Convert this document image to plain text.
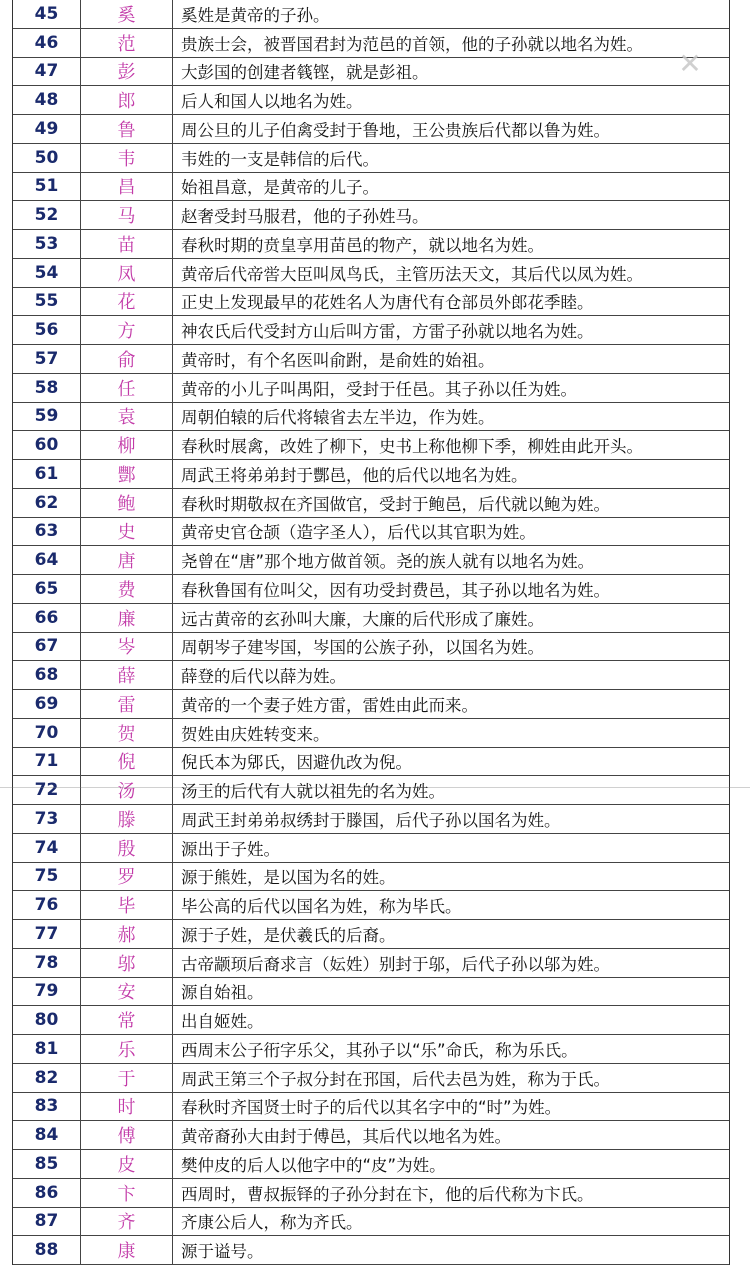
45	奚	奚姓是黄帝的子孙。
46	范	贵族士会，被晋国君封为范邑的首领，他的子孙就以地名为姓。
47	彭	大彭国的创建者篯铿，就是彭祖。
48	郎	后人和国人以地名为姓。
49	鲁	周公旦的儿子伯禽受封于鲁地，王公贵族后代都以鲁为姓。
50	韦	韦姓的一支是韩信的后代。
51	昌	始祖昌意，是黄帝的儿子。
52	马	赵奢受封马服君，他的子孙姓马。
53	苗	春秋时期的贲皇享用苗邑的物产，就以地名为姓。
54	凤	黄帝后代帝喾大臣叫凤鸟氏，主管历法天文，其后代以凤为姓。
55	花	正史上发现最早的花姓名人为唐代有仓部员外郎花季睦。
56	方	神农氏后代受封方山后叫方雷，方雷子孙就以地名为姓。
57	俞	黄帝时，有个名医叫俞跗，是俞姓的始祖。
58	任	黄帝的小儿子叫禺阳，受封于任邑。其子孙以任为姓。
59	袁	周朝伯辕的后代将辕省去左半边，作为姓。
60	柳	春秋时展禽，改姓了柳下，史书上称他柳下季，柳姓由此开头。
61	酆	周武王将弟弟封于酆邑，他的后代以地名为姓。
62	鲍	春秋时期敬叔在齐国做官，受封于鲍邑，后代就以鲍为姓。
63	史	黄帝史官仓颉（造字圣人），后代以其官职为姓。
64	唐	尧曾在“唐”那个地方做首领。尧的族人就有以地名为姓。
65	费	春秋鲁国有位叫父，因有功受封费邑，其子孙以地名为姓。
66	廉	远古黄帝的玄孙叫大廉，大廉的后代形成了廉姓。
67	岑	周朝岑子建岑国，岑国的公族子孙，以国名为姓。
68	薛	薛登的后代以薛为姓。
69	雷	黄帝的一个妻子姓方雷，雷姓由此而来。
70	贺	贺姓由庆姓转变来。
71	倪	倪氏本为郳氏，因避仇改为倪。
72	汤	汤王的后代有人就以祖先的名为姓。
73	滕	周武王封弟弟叔绣封于滕国，后代子孙以国名为姓。
74	殷	源出于子姓。
75	罗	源于熊姓，是以国为名的姓。
76	毕	毕公高的后代以国名为姓，称为毕氏。
77	郝	源于子姓，是伏羲氏的后裔。
78	邬	古帝颛顼后裔求言（妘姓）别封于邬，后代子孙以邬为姓。
79	安	源自始祖。
80	常	出自姬姓。
81	乐	西周末公子衎字乐父，其孙子以“乐”命氏，称为乐氏。
82	于	周武王第三个子叔分封在邘国，后代去邑为姓，称为于氏。
83	时	春秋时齐国贤士时子的后代以其名字中的“时”为姓。
84	傅	黄帝裔孙大由封于傅邑，其后代以地名为姓。
85	皮	樊仲皮的后人以他字中的“皮”为姓。
86	卞	西周时，曹叔振铎的子孙分封在卞，他的后代称为卞氏。
87	齐	齐康公后人，称为齐氏。
88	康	源于谥号。
✕
